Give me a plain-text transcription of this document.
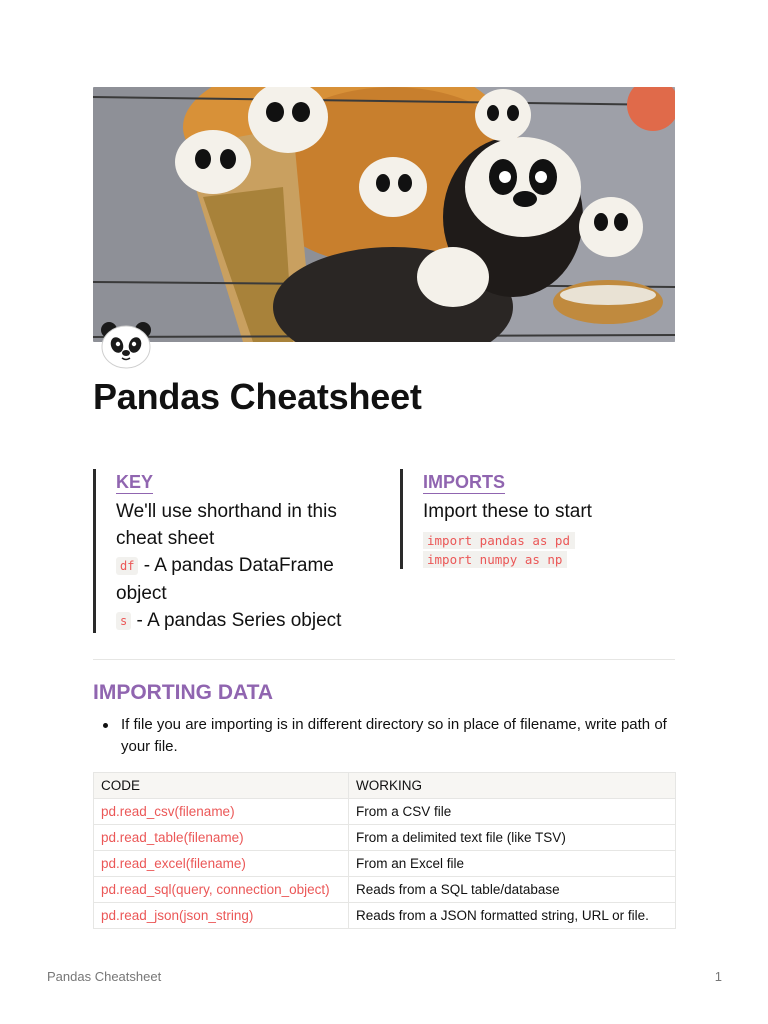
Pandas Cheatsheet
KEY
We'll use shorthand in this cheat sheet
df - A pandas DataFrame object
s - A pandas Series object
IMPORTS
Import these to start
import pandas as pd
import numpy as np
IMPORTING DATA
If file you are importing is in different directory so in place of filename, write path of your file.
CODE	WORKING
pd.read_csv(filename)	From a CSV file
pd.read_table(filename)	From a delimited text file (like TSV)
pd.read_excel(filename)	From an Excel file
pd.read_sql(query, connection_object)	Reads from a SQL table/database
pd.read_json(json_string)	Reads from a JSON formatted string, URL or file.
Pandas Cheatsheet	1
